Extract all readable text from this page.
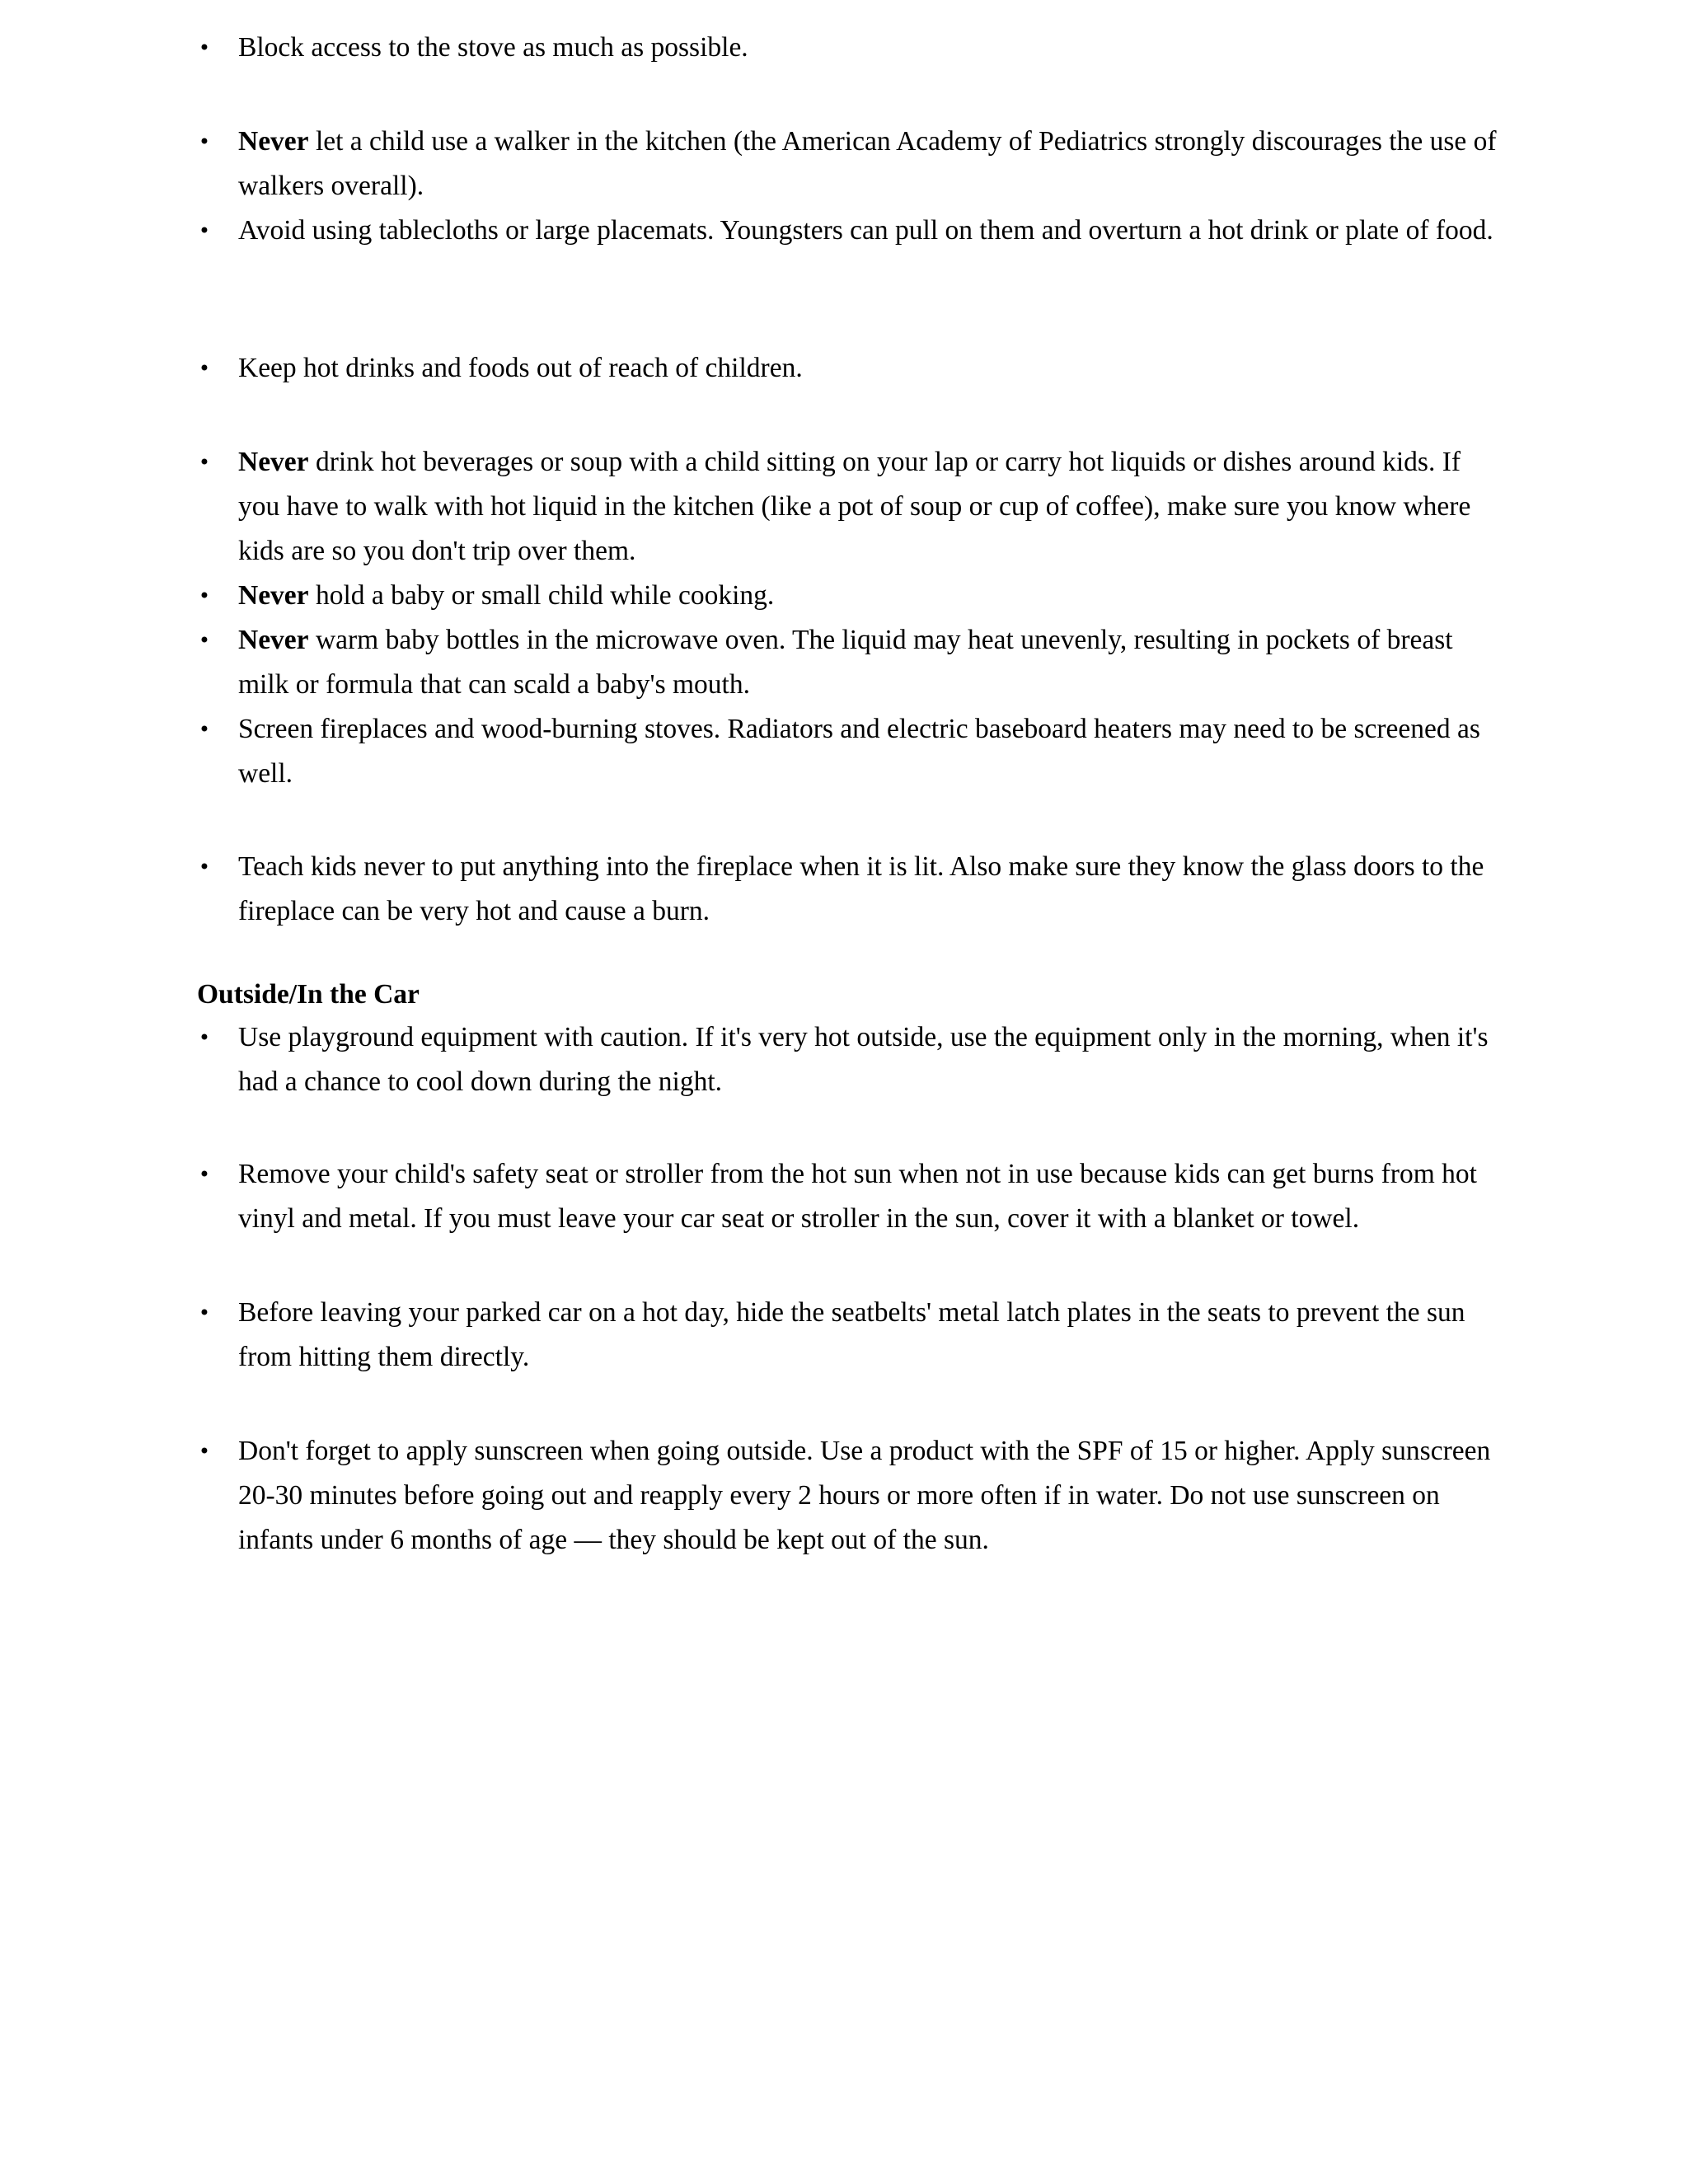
• Block access to the stove as much as possible.
• Never let a child use a walker in the kitchen (the American Academy of Pediatrics strongly discourages the use of walkers overall).
• Avoid using tablecloths or large placemats. Youngsters can pull on them and overturn a hot drink or plate of food.
• Keep hot drinks and foods out of reach of children.
• Never drink hot beverages or soup with a child sitting on your lap or carry hot liquids or dishes around kids. If you have to walk with hot liquid in the kitchen (like a pot of soup or cup of coffee), make sure you know where kids are so you don't trip over them.
• Never hold a baby or small child while cooking.
• Never warm baby bottles in the microwave oven. The liquid may heat unevenly, resulting in pockets of breast milk or formula that can scald a baby's mouth.
• Screen fireplaces and wood-burning stoves. Radiators and electric baseboard heaters may need to be screened as well.
• Teach kids never to put anything into the fireplace when it is lit. Also make sure they know the glass doors to the fireplace can be very hot and cause a burn.
Outside/In the Car
• Use playground equipment with caution. If it's very hot outside, use the equipment only in the morning, when it's had a chance to cool down during the night.
• Remove your child's safety seat or stroller from the hot sun when not in use because kids can get burns from hot vinyl and metal. If you must leave your car seat or stroller in the sun, cover it with a blanket or towel.
• Before leaving your parked car on a hot day, hide the seatbelts' metal latch plates in the seats to prevent the sun from hitting them directly.
• Don't forget to apply sunscreen when going outside. Use a product with the SPF of 15 or higher. Apply sunscreen 20-30 minutes before going out and reapply every 2 hours or more often if in water. Do not use sunscreen on infants under 6 months of age — they should be kept out of the sun.
